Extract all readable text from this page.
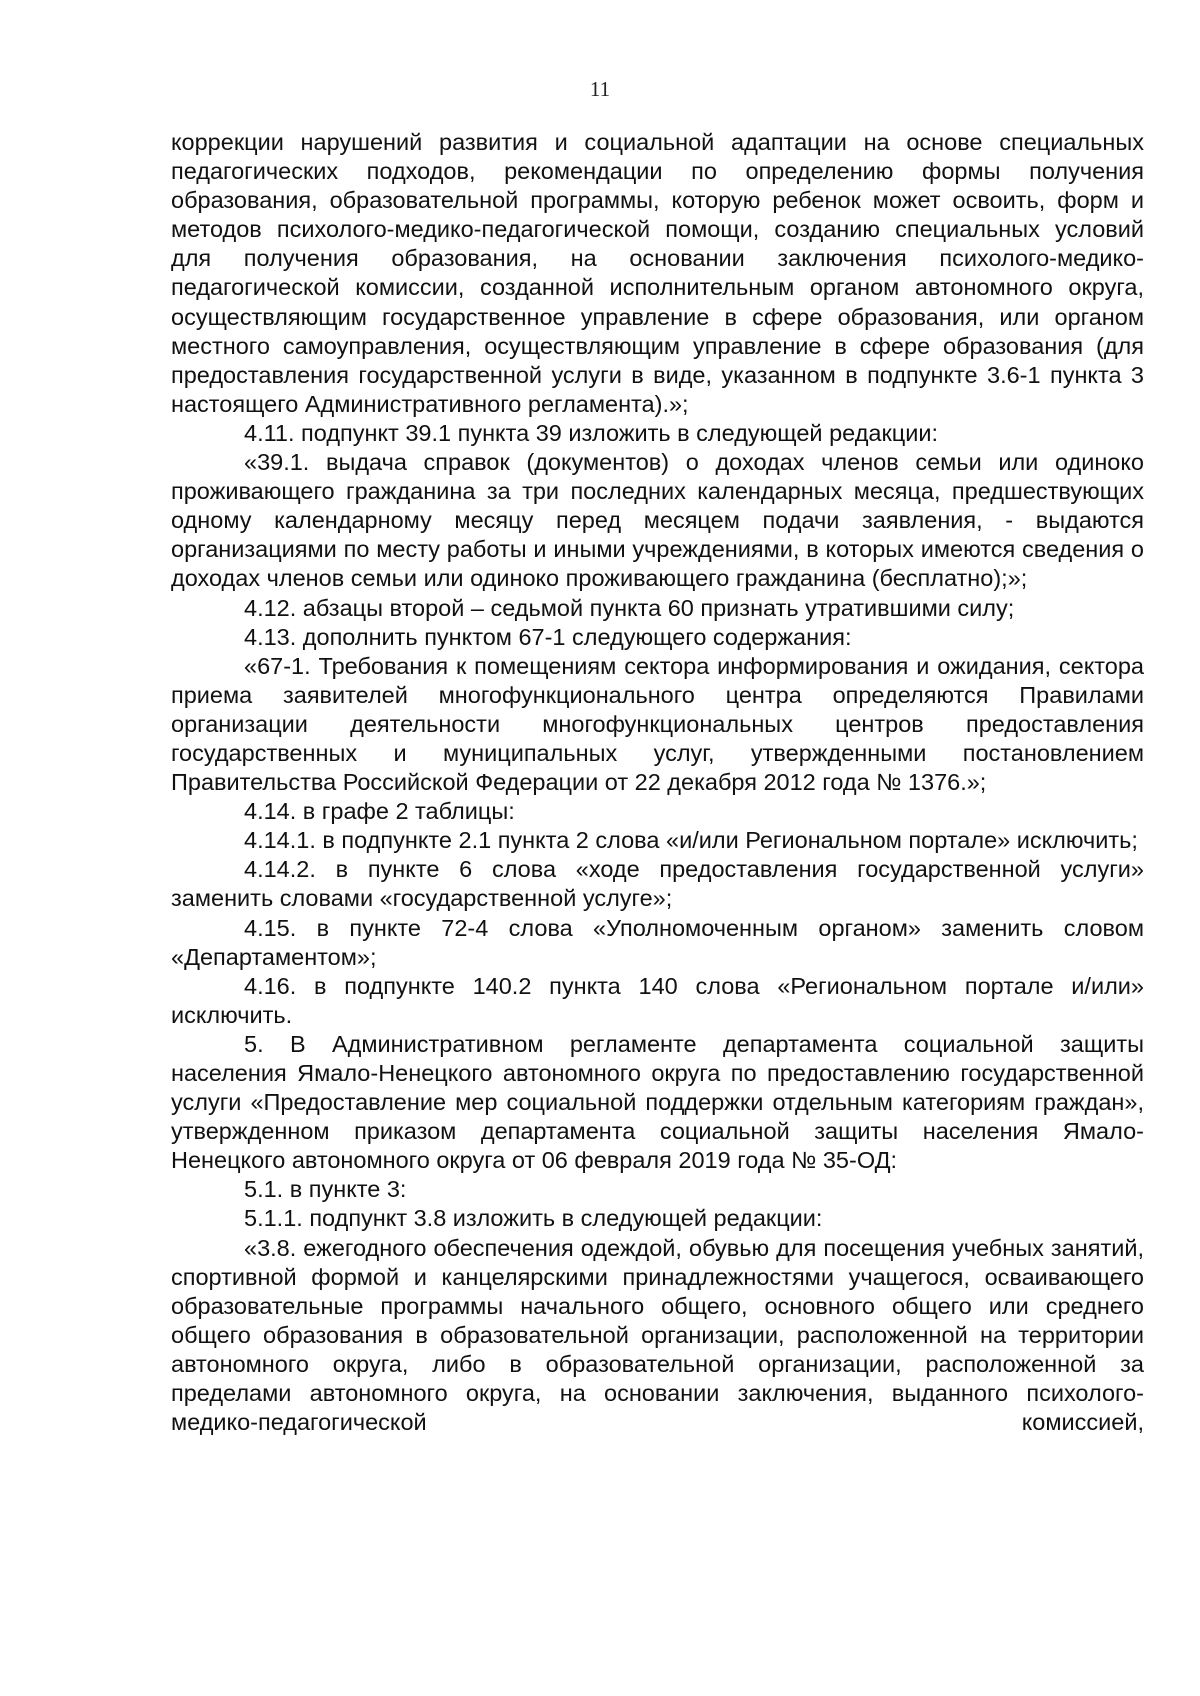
11

коррекции нарушений развития и социальной адаптации на основе специальных педагогических подходов, рекомендации по определению формы получения образования, образовательной программы, которую ребенок может освоить, форм и методов психолого-медико-педагогической помощи, созданию специальных условий для получения образования, на основании заключения психолого-медико-педагогической комиссии, созданной исполнительным органом автономного округа, осуществляющим государственное управление в сфере образования, или органом местного самоуправления, осуществляющим управление в сфере образования (для предоставления государственной услуги в виде, указанном в подпункте 3.6-1 пункта 3 настоящего Административного регламента).»;

4.11. подпункт 39.1 пункта 39 изложить в следующей редакции:

«39.1. выдача справок (документов) о доходах членов семьи или одиноко проживающего гражданина за три последних календарных месяца, предшествующих одному календарному месяцу перед месяцем подачи заявления, - выдаются организациями по месту работы и иными учреждениями, в которых имеются сведения о доходах членов семьи или одиноко проживающего гражданина (бесплатно);»;

4.12. абзацы второй – седьмой пункта 60 признать утратившими силу;

4.13. дополнить пунктом 67-1 следующего содержания:

«67-1. Требования к помещениям сектора информирования и ожидания, сектора приема заявителей многофункционального центра определяются Правилами организации деятельности многофункциональных центров предоставления государственных и муниципальных услуг, утвержденными постановлением Правительства Российской Федерации от 22 декабря 2012 года № 1376.»;

4.14. в графе 2 таблицы:

4.14.1. в подпункте 2.1 пункта 2 слова «и/или Региональном портале» исключить;

4.14.2. в пункте 6 слова «ходе предоставления государственной услуги» заменить словами «государственной услуге»;

4.15. в пункте 72-4 слова «Уполномоченным органом» заменить словом «Департаментом»;

4.16. в подпункте 140.2 пункта 140 слова «Региональном портале и/или» исключить.

5. В Административном регламенте департамента социальной защиты населения Ямало-Ненецкого автономного округа по предоставлению государственной услуги «Предоставление мер социальной поддержки отдельным категориям граждан», утвержденном приказом департамента социальной защиты населения Ямало-Ненецкого автономного округа от 06 февраля 2019 года № 35-ОД:

5.1. в пункте 3:

5.1.1. подпункт 3.8 изложить в следующей редакции:

«3.8. ежегодного обеспечения одеждой, обувью для посещения учебных занятий, спортивной формой и канцелярскими принадлежностями учащегося, осваивающего образовательные программы начального общего, основного общего или среднего общего образования в образовательной организации, расположенной на территории автономного округа, либо в образовательной организации, расположенной за пределами автономного округа, на основании заключения, выданного психолого-медико-педагогической комиссией,
